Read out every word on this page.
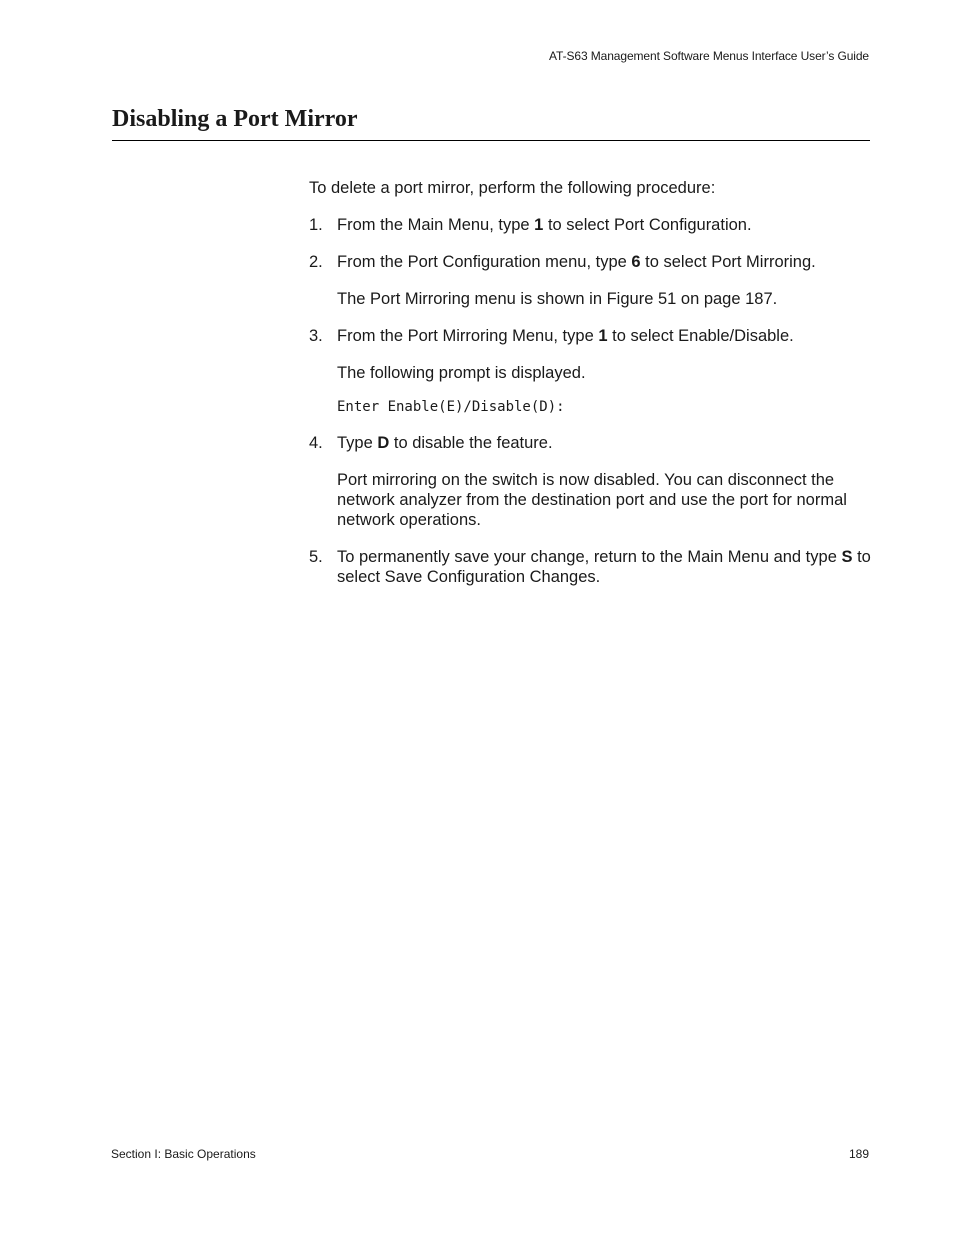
AT-S63 Management Software Menus Interface User’s Guide
Disabling a Port Mirror

To delete a port mirror, perform the following procedure:

1. From the Main Menu, type 1 to select Port Configuration.
2. From the Port Configuration menu, type 6 to select Port Mirroring.

The Port Mirroring menu is shown in Figure 51 on page 187.

3. From the Port Mirroring Menu, type 1 to select Enable/Disable.

The following prompt is displayed.

Enter Enable(E)/Disable(D):
4. Type D to disable the feature.

Port mirroring on the switch is now disabled. You can disconnect the network analyzer from the destination port and use the port for normal network operations.

5. To permanently save your change, return to the Main Menu and type S to select Save Configuration Changes.
Section I: Basic Operations	189
